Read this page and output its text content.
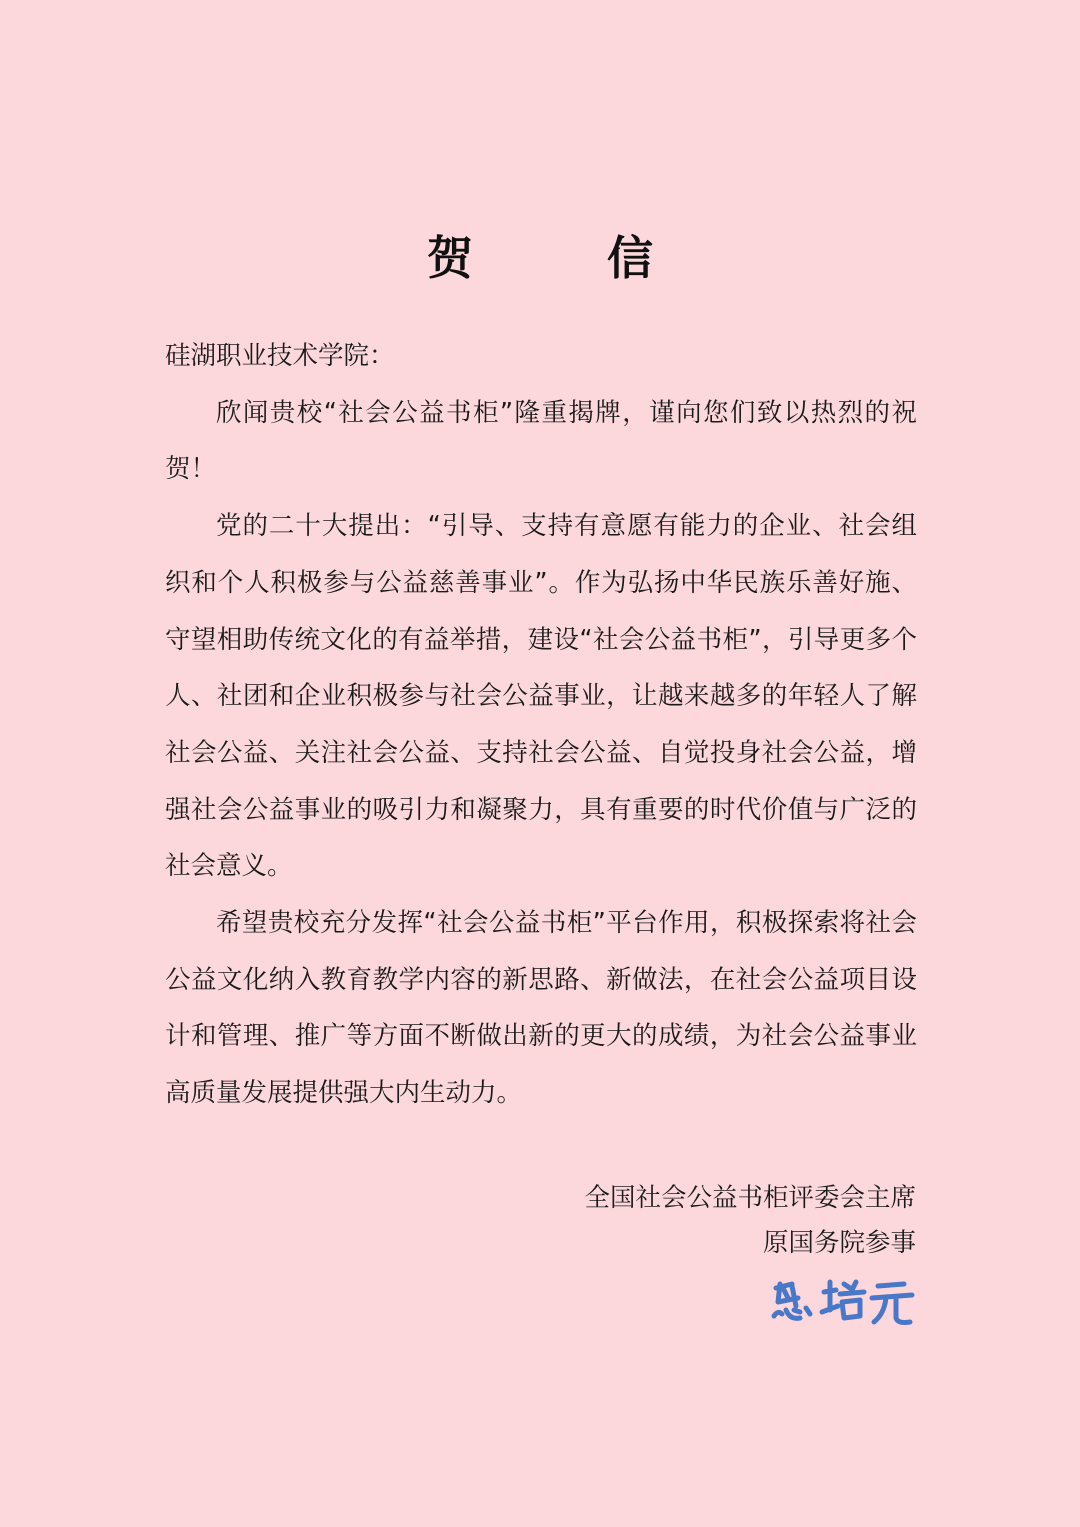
贺　信

硅湖职业技术学院：

欣闻贵校“社会公益书柜”隆重揭牌，谨向您们致以热烈的祝贺！

党的二十大提出：“引导、支持有意愿有能力的企业、社会组织和个人积极参与公益慈善事业”。作为弘扬中华民族乐善好施、守望相助传统文化的有益举措，建设“社会公益书柜”，引导更多个人、社团和企业积极参与社会公益事业，让越来越多的年轻人了解社会公益、关注社会公益、支持社会公益、自觉投身社会公益，增强社会公益事业的吸引力和凝聚力，具有重要的时代价值与广泛的社会意义。

希望贵校充分发挥“社会公益书柜”平台作用，积极探索将社会公益文化纳入教育教学内容的新思路、新做法，在社会公益项目设计和管理、推广等方面不断做出新的更大的成绩，为社会公益事业高质量发展提供强大内生动力。

全国社会公益书柜评委会主席
原国务院参事
